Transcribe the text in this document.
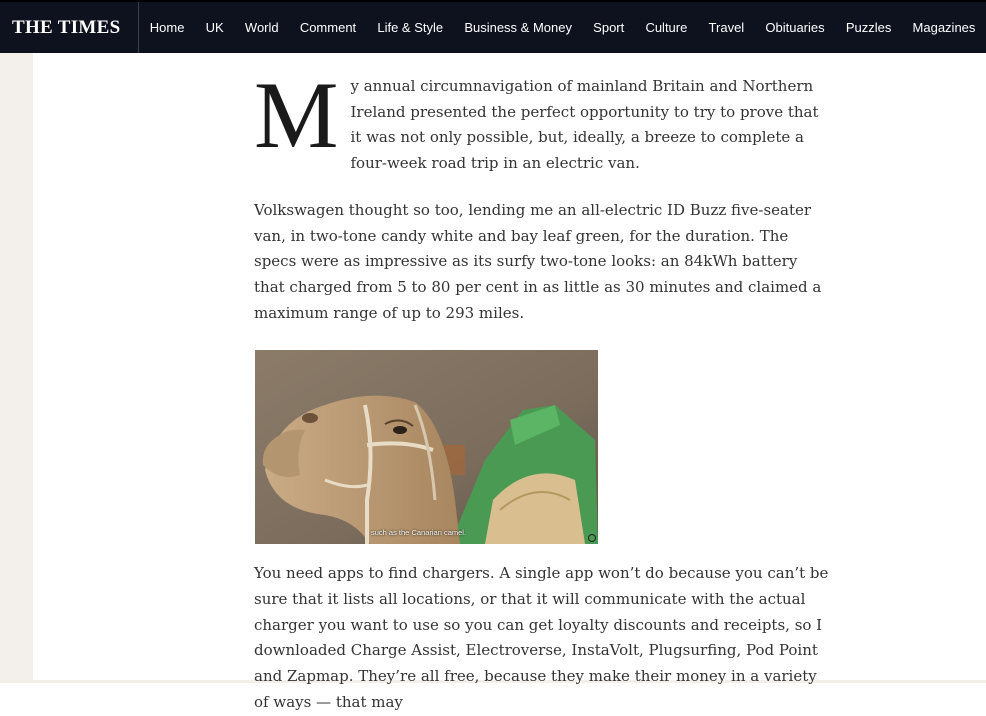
THE TIMES	Home	UK	World	Comment	Life & Style	Business & Money	Sport	Culture	Travel	Obituaries	Puzzles	Magazines

M y annual circumnavigation of mainland Britain and Northern Ireland presented the perfect opportunity to try to prove that it was not only possible, but, ideally, a breeze to complete a four-week road trip in an electric van.

Volkswagen thought so too, lending me an all-electric ID Buzz five-seater van, in two-tone candy white and bay leaf green, for the duration. The specs were as impressive as its surfy two-tone looks: an 84kWh battery that charged from 5 to 80 per cent in as little as 30 minutes and claimed a maximum range of up to 293 miles.

such as the Canarian camel.

You need apps to find chargers. A single app won’t do because you can’t be sure that it lists all locations, or that it will communicate with the actual charger you want to use so you can get loyalty discounts and receipts, so I downloaded Charge Assist, Electroverse, InstaVolt, Plugsurfing, Pod Point and Zapmap. They’re all free, because they make their money in a variety of ways — that may
